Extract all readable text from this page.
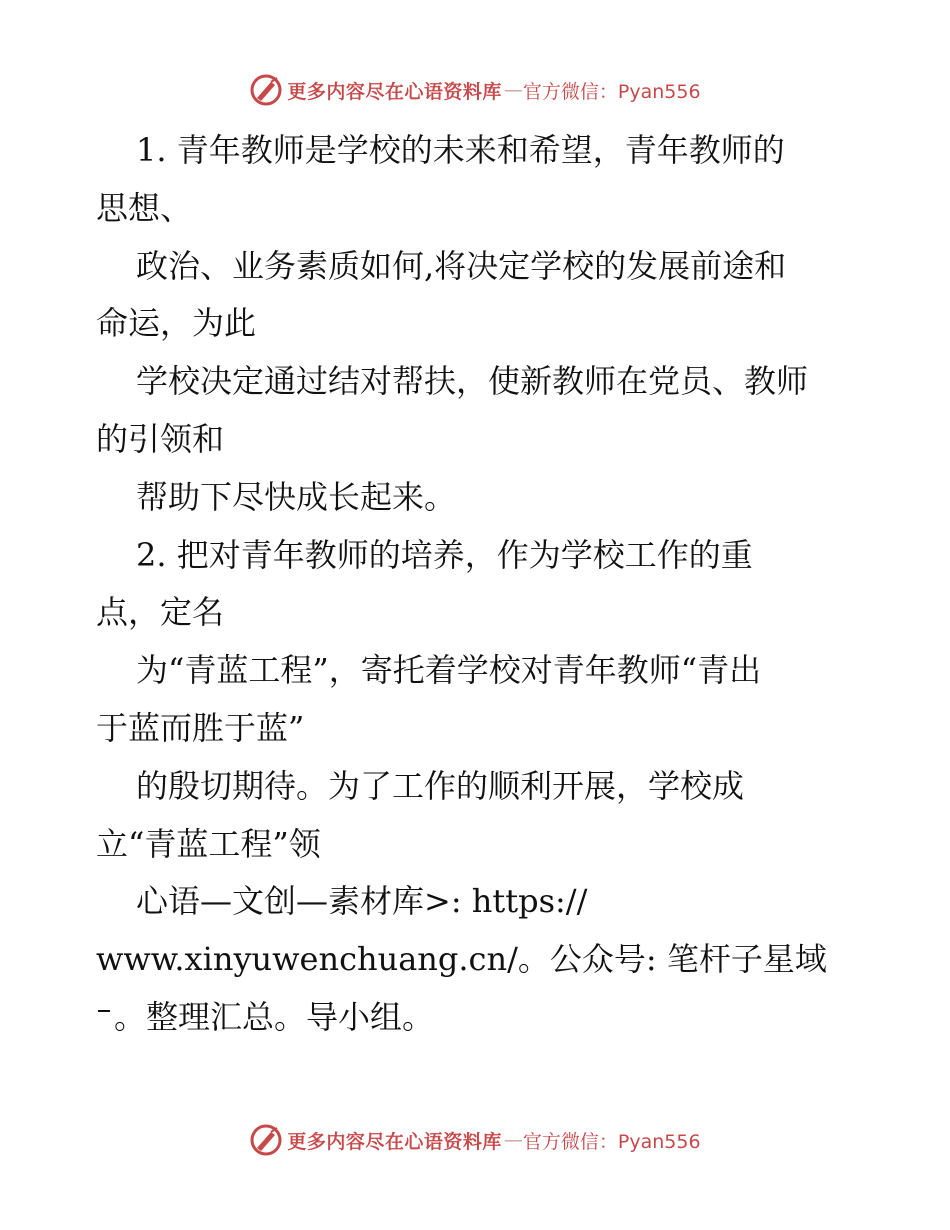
更多内容尽在心语资料库 — 官方微信：Pyan556
1. 青年教师是学校的未来和希望，青年教师的
思想、
政治、业务素质如何,将决定学校的发展前途和
命运，为此
学校决定通过结对帮扶，使新教师在党员、教师
的引领和
帮助下尽快成长起来。
2. 把对青年教师的培养，作为学校工作的重
点，定名
为“青蓝工程”，寄托着学校对青年教师“青出
于蓝而胜于蓝”
的殷切期待。为了工作的顺利开展，学校成
立“青蓝工程”领
心语—文创—素材库>: https://
www.xinyuwenchuang.cn/。公众号: 笔杆子星域
。整理汇总。导小组。
更多内容尽在心语资料库 — 官方微信：Pyan556
